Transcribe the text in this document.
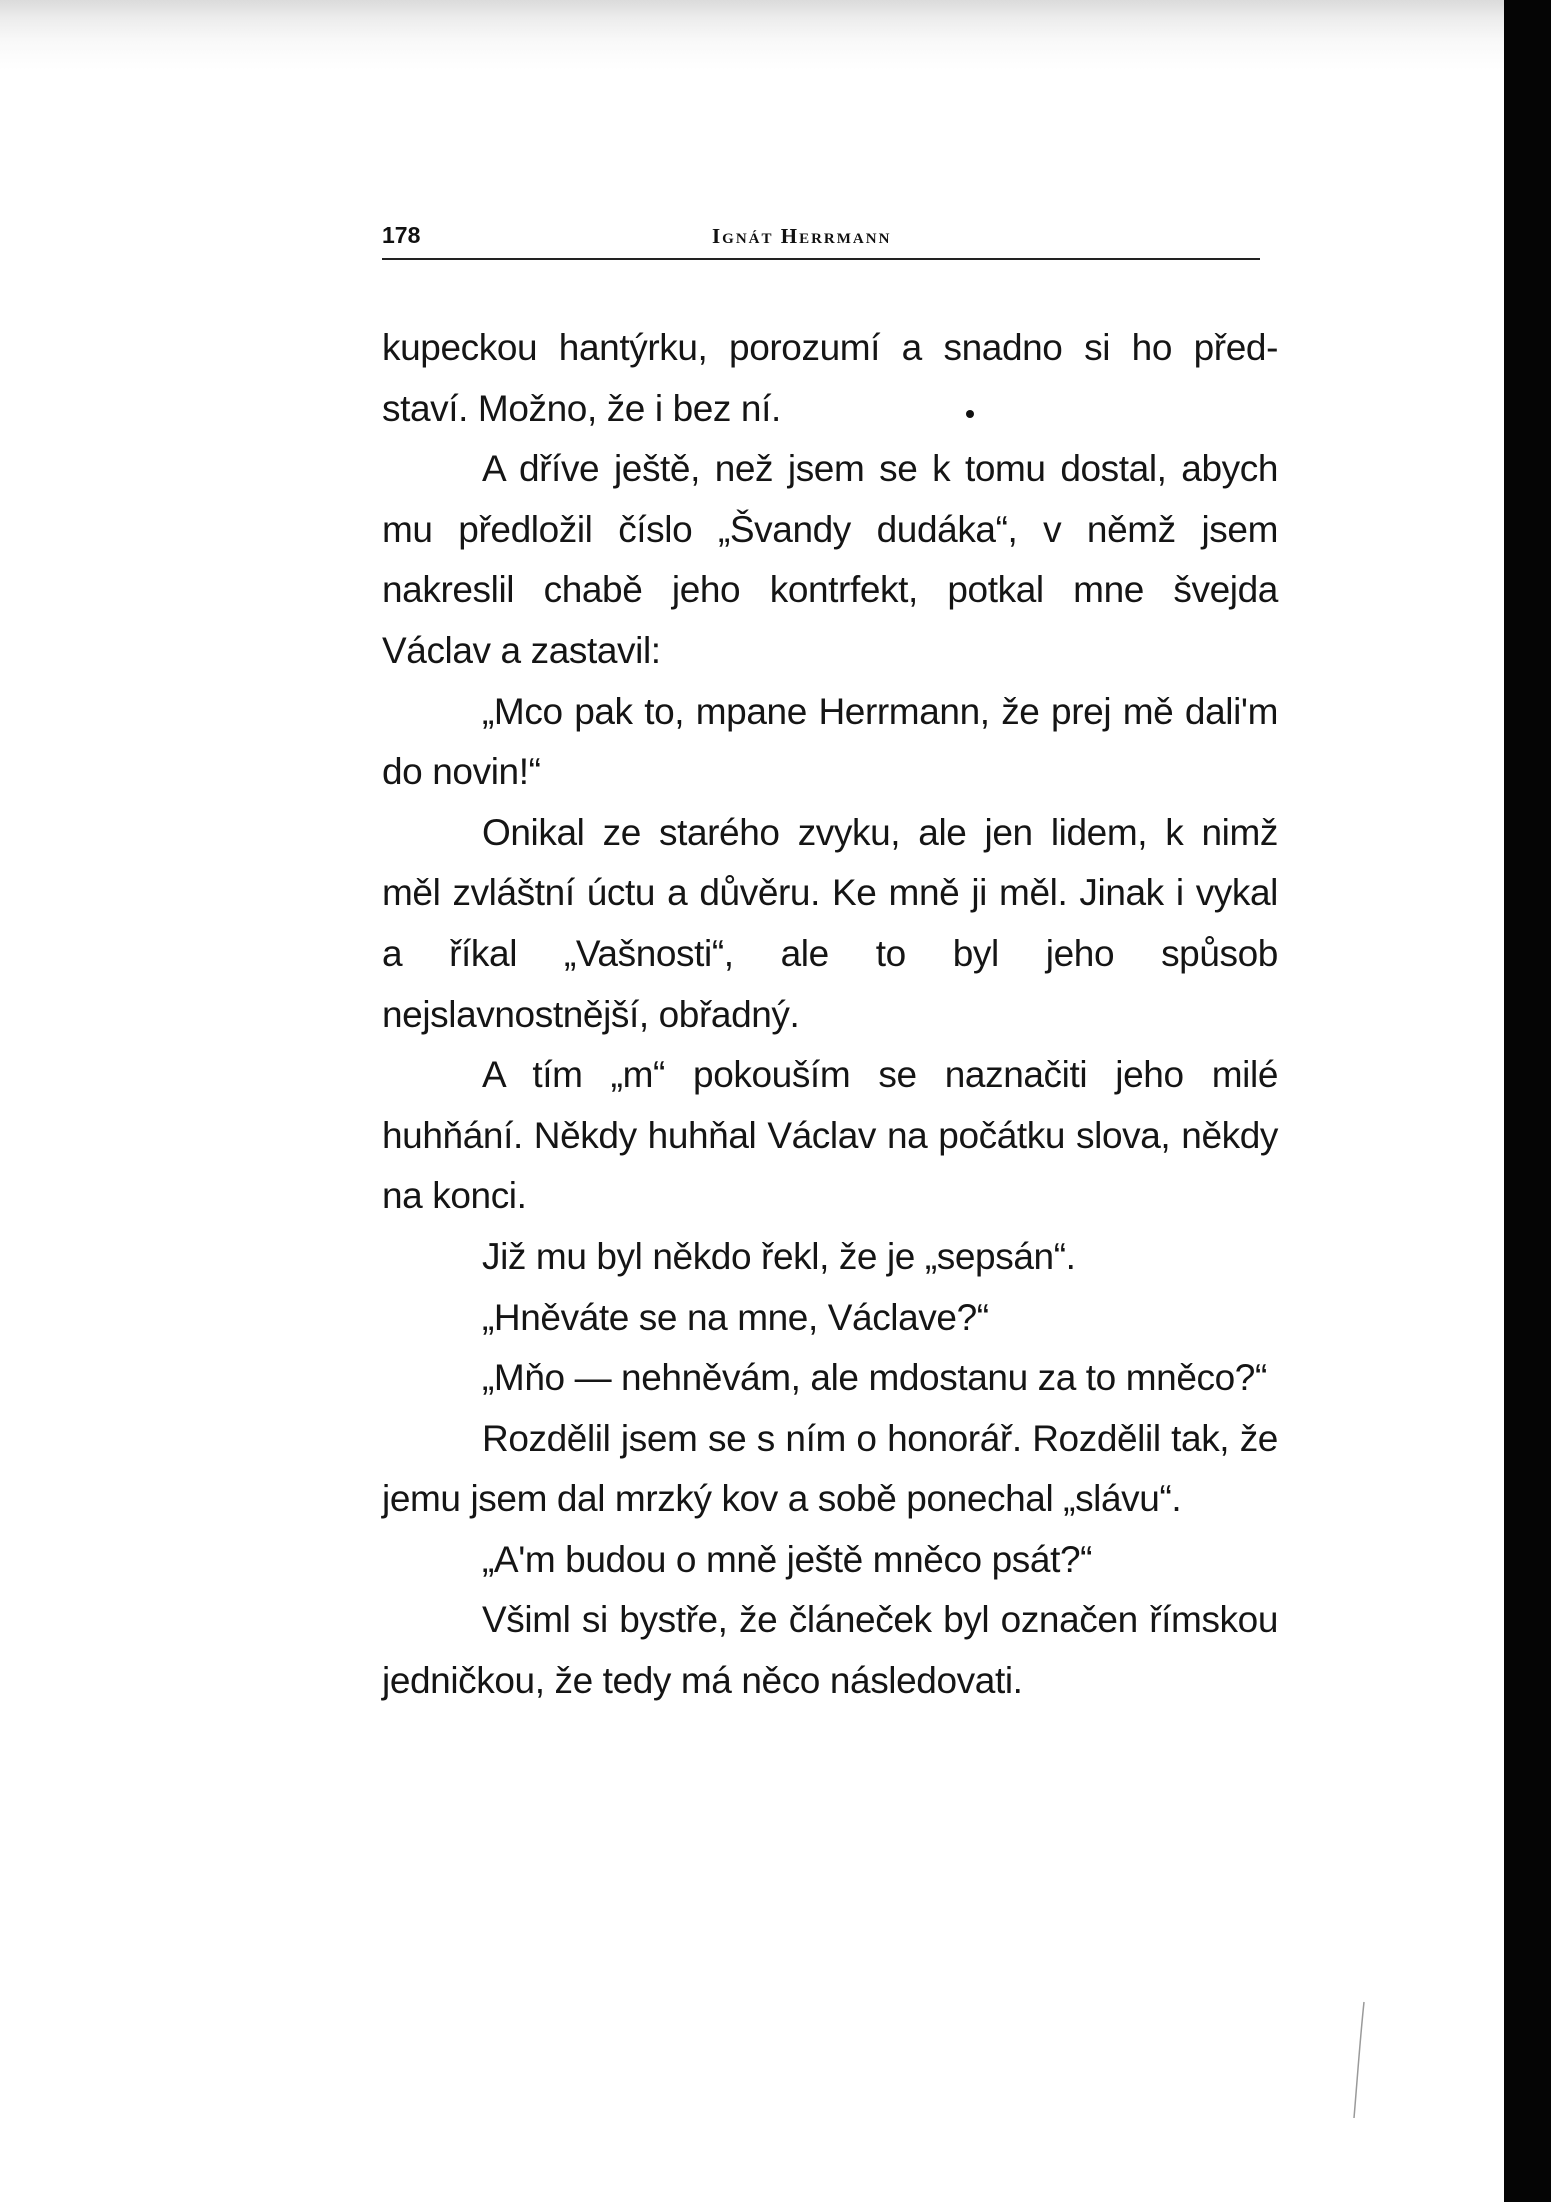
178	Ignát Herrmann

kupeckou hantýrku, porozumí a snadno si ho před-staví. Možno, že i bez ní.

A dříve ještě, než jsem se k tomu dostal, abych mu předložil číslo „Švandy dudáka“, v němž jsem nakreslil chabě jeho kontrfekt, potkal mne švejda Václav a zastavil:

„Mco pak to, mpane Herrmann, že prej mě dali'm do novin!“

Onikal ze starého zvyku, ale jen lidem, k nimž měl zvláštní úctu a důvěru. Ke mně ji měl. Jinak i vykal a říkal „Vašnosti“, ale to byl jeho spůsob nejslavnostnější, obřadný.

A tím „m“ pokouším se naznačiti jeho milé huhňání. Někdy huhňal Václav na počátku slova, někdy na konci.

Již mu byl někdo řekl, že je „sepsán“.

„Hněváte se na mne, Václave?“

„Mňo — nehněvám, ale mdostanu za to mněco?“

Rozdělil jsem se s ním o honorář. Rozdělil tak, že jemu jsem dal mrzký kov a sobě ponechal „slávu“.

„A'm budou o mně ještě mněco psát?“

Všiml si bystře, že článeček byl označen římskou jedničkou, že tedy má něco následovati.
